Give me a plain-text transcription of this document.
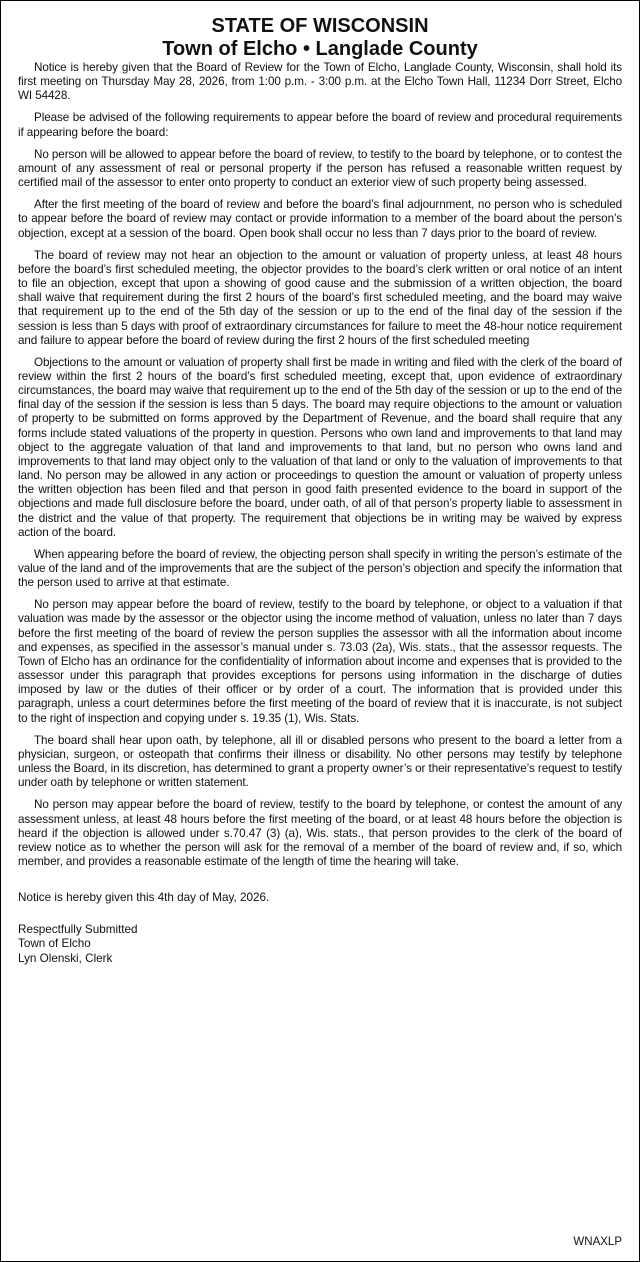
STATE OF WISCONSIN
Town of Elcho • Langlade County

Notice is hereby given that the Board of Review for the Town of Elcho, Langlade County, Wisconsin, shall hold its first meeting on Thursday May 28, 2026, from 1:00 p.m. - 3:00 p.m. at the Elcho Town Hall, 11234 Dorr Street, Elcho WI 54428.

Please be advised of the following requirements to appear before the board of review and procedural requirements if appearing before the board:

No person will be allowed to appear before the board of review, to testify to the board by telephone, or to contest the amount of any assessment of real or personal property if the person has refused a reasonable written request by certified mail of the assessor to enter onto property to conduct an exterior view of such property being assessed.

After the first meeting of the board of review and before the board’s final adjournment, no person who is scheduled to appear before the board of review may contact or provide information to a member of the board about the person’s objection, except at a session of the board. Open book shall occur no less than 7 days prior to the board of review.

The board of review may not hear an objection to the amount or valuation of property unless, at least 48 hours before the board’s first scheduled meeting, the objector provides to the board’s clerk written or oral notice of an intent to file an objection, except that upon a showing of good cause and the submission of a written objection, the board shall waive that requirement during the first 2 hours of the board’s first scheduled meeting, and the board may waive that requirement up to the end of the 5th day of the session or up to the end of the final day of the session if the session is less than 5 days with proof of extraordinary circumstances for failure to meet the 48-hour notice requirement and failure to appear before the board of review during the first 2 hours of the first scheduled meeting

Objections to the amount or valuation of property shall first be made in writing and filed with the clerk of the board of review within the first 2 hours of the board’s first scheduled meeting, except that, upon evidence of extraordinary circumstances, the board may waive that requirement up to the end of the 5th day of the session or up to the end of the final day of the session if the session is less than 5 days. The board may require objections to the amount or valuation of property to be submitted on forms approved by the Department of Revenue, and the board shall require that any forms include stated valuations of the property in question. Persons who own land and improvements to that land may object to the aggregate valuation of that land and improvements to that land, but no person who owns land and improvements to that land may object only to the valuation of that land or only to the valuation of improvements to that land. No person may be allowed in any action or proceedings to question the amount or valuation of property unless the written objection has been filed and that person in good faith presented evidence to the board in support of the objections and made full disclosure before the board, under oath, of all of that person’s property liable to assessment in the district and the value of that property. The requirement that objections be in writing may be waived by express action of the board.

When appearing before the board of review, the objecting person shall specify in writing the person’s estimate of the value of the land and of the improvements that are the subject of the person’s objection and specify the information that the person used to arrive at that estimate.

No person may appear before the board of review, testify to the board by telephone, or object to a valuation if that valuation was made by the assessor or the objector using the income method of valuation, unless no later than 7 days before the first meeting of the board of review the person supplies the assessor with all the information about income and expenses, as specified in the assessor’s manual under s. 73.03 (2a), Wis. stats., that the assessor requests. The Town of Elcho has an ordinance for the confidentiality of information about income and expenses that is provided to the assessor under this paragraph that provides exceptions for persons using information in the discharge of duties imposed by law or the duties of their officer or by order of a court. The information that is provided under this paragraph, unless a court determines before the first meeting of the board of review that it is inaccurate, is not subject to the right of inspection and copying under s. 19.35 (1), Wis. Stats.

The board shall hear upon oath, by telephone, all ill or disabled persons who present to the board a letter from a physician, surgeon, or osteopath that confirms their illness or disability. No other persons may testify by telephone unless the Board, in its discretion, has determined to grant a property owner’s or their representative’s request to testify under oath by telephone or written statement.

No person may appear before the board of review, testify to the board by telephone, or contest the amount of any assessment unless, at least 48 hours before the first meeting of the board, or at least 48 hours before the objection is heard if the objection is allowed under s.70.47 (3) (a), Wis. stats., that person provides to the clerk of the board of review notice as to whether the person will ask for the removal of a member of the board of review and, if so, which member, and provides a reasonable estimate of the length of time the hearing will take.

Notice is hereby given this 4th day of May, 2026.

Respectfully Submitted

Town of Elcho

Lyn Olenski, Clerk

WNAXLP
